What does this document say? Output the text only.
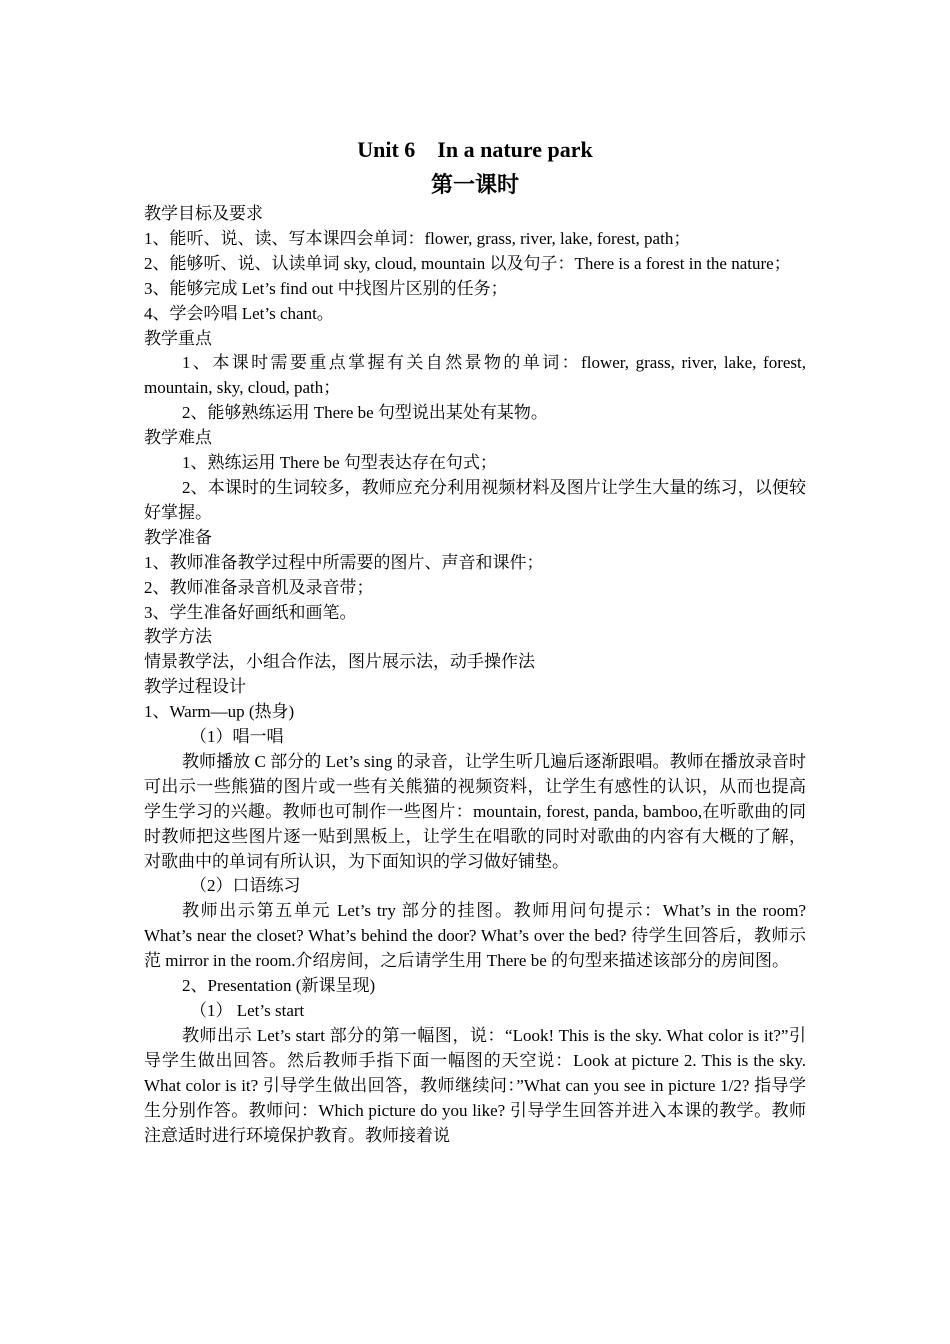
Unit 6　In a nature park
第一课时

教学目标及要求

1、能听、说、读、写本课四会单词：flower, grass, river, lake, forest, path；

2、能够听、说、认读单词 sky, cloud, mountain 以及句子：There is a forest in the nature；

3、能够完成 Let’s find out 中找图片区别的任务；

4、学会吟唱 Let’s chant。

教学重点

1、本课时需要重点掌握有关自然景物的单词：flower, grass, river, lake, forest, mountain, sky, cloud, path；

2、能够熟练运用 There be 句型说出某处有某物。

教学难点

1、熟练运用 There be 句型表达存在句式；

2、本课时的生词较多，教师应充分利用视频材料及图片让学生大量的练习，以便较好掌握。

教学准备

1、教师准备教学过程中所需要的图片、声音和课件；

2、教师准备录音机及录音带；

3、学生准备好画纸和画笔。

教学方法

情景教学法，小组合作法，图片展示法，动手操作法

教学过程设计

1、Warm—up (热身)

（1）唱一唱

教师播放 C 部分的 Let’s sing 的录音，让学生听几遍后逐渐跟唱。教师在播放录音时可出示一些熊猫的图片或一些有关熊猫的视频资料，让学生有感性的认识，从而也提高学生学习的兴趣。教师也可制作一些图片：mountain, forest, panda, bamboo,在听歌曲的同时教师把这些图片逐一贴到黑板上，让学生在唱歌的同时对歌曲的内容有大概的了解，对歌曲中的单词有所认识，为下面知识的学习做好铺垫。

（2）口语练习

教师出示第五单元 Let’s try 部分的挂图。教师用问句提示：What’s in the room? What’s near the closet? What’s behind the door? What’s over the bed? 待学生回答后，教师示范 mirror in the room.介绍房间，之后请学生用 There be 的句型来描述该部分的房间图。

2、Presentation (新课呈现)

（1） Let’s start

教师出示 Let’s start 部分的第一幅图，说：“Look! This is the sky. What color is it?”引导学生做出回答。然后教师手指下面一幅图的天空说：Look at picture 2. This is the sky. What color is it? 引导学生做出回答，教师继续问：”What can you see in picture 1/2? 指导学生分别作答。教师问：Which picture do you like? 引导学生回答并进入本课的教学。教师注意适时进行环境保护教育。教师接着说
